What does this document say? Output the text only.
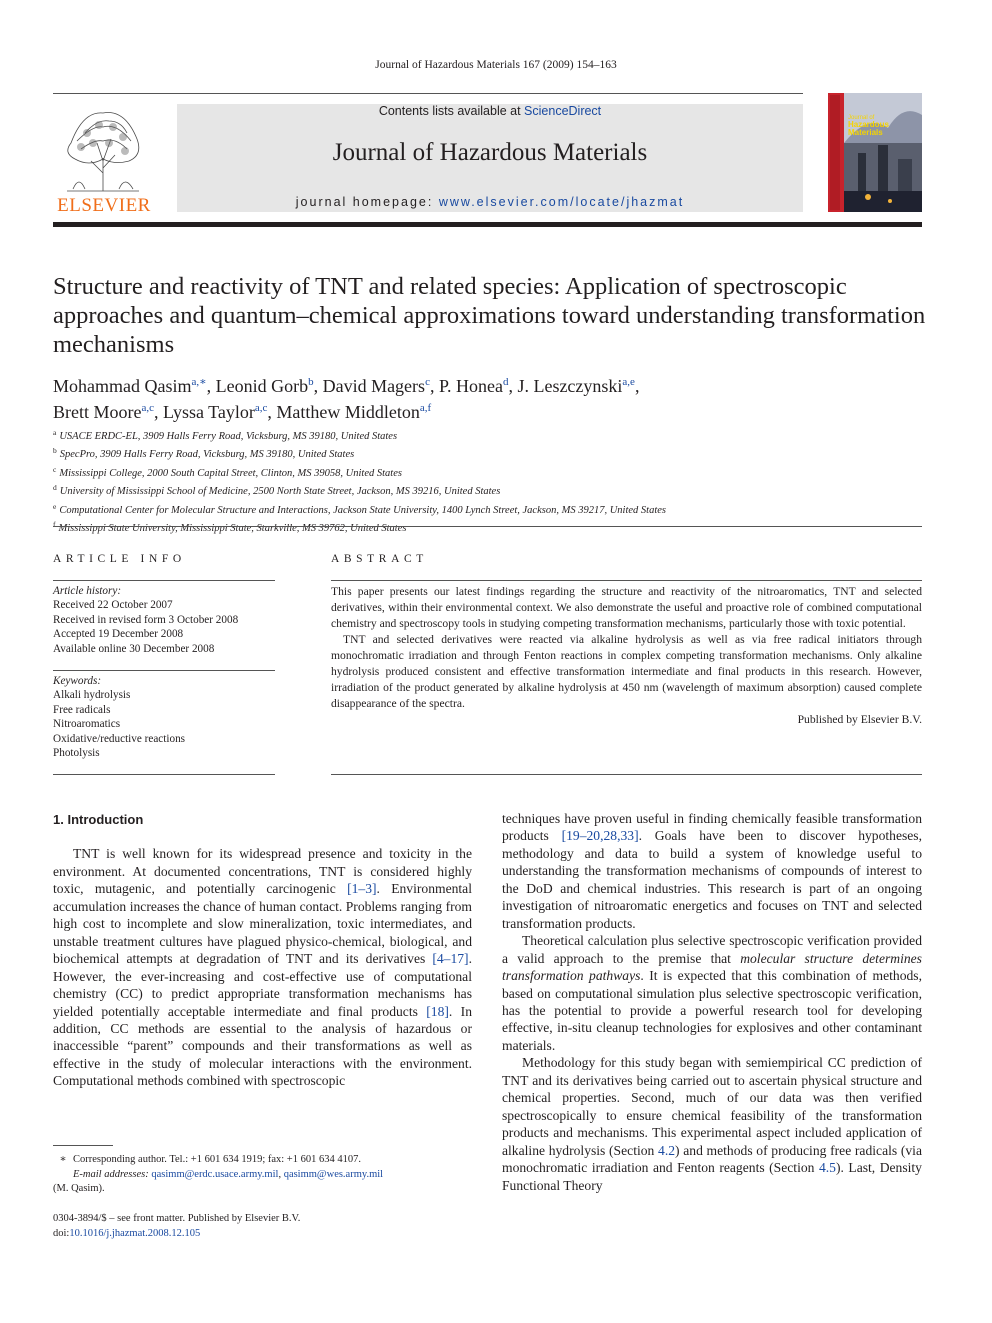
Journal of Hazardous Materials 167 (2009) 154–163
ELSEVIER
Contents lists available at ScienceDirect
Journal of Hazardous Materials
journal homepage: www.elsevier.com/locate/jhazmat
Journal of
Hazardous
Materials
Structure and reactivity of TNT and related species: Application of spectroscopic approaches and quantum–chemical approximations toward understanding transformation mechanisms
Mohammad Qasim$^{a,∗}$, Leonid Gorb$^b$, David Magers$^c$, P. Honea$^d$, J. Leszczynski$^{a,e}$,
Brett Moore$^{a,c}$, Lyssa Taylor$^{a,c}$, Matthew Middleton$^{a,f}$
$^a$ USACE ERDC-EL, 3909 Halls Ferry Road, Vicksburg, MS 39180, United States
$^b$ SpecPro, 3909 Halls Ferry Road, Vicksburg, MS 39180, United States
$^c$ Mississippi College, 2000 South Capital Street, Clinton, MS 39058, United States
$^d$ University of Mississippi School of Medicine, 2500 North State Street, Jackson, MS 39216, United States
$^e$ Computational Center for Molecular Structure and Interactions, Jackson State University, 1400 Lynch Street, Jackson, MS 39217, United States
$^f$ Mississippi State University, Mississippi State, Starkville, MS 39762, United States
ARTICLE INFO
Article history:
Received 22 October 2007
Received in revised form 3 October 2008
Accepted 19 December 2008
Available online 30 December 2008
Keywords:
Alkali hydrolysis
Free radicals
Nitroaromatics
Oxidative/reductive reactions
Photolysis
ABSTRACT

This paper presents our latest findings regarding the structure and reactivity of the nitroaromatics, TNT and selected derivatives, within their environmental context. We also demonstrate the useful and proactive role of combined computational chemistry and spectroscopy tools in studying competing transformation mechanisms, particularly those with toxic potential.

TNT and selected derivatives were reacted via alkaline hydrolysis as well as via free radical initiators through monochromatic irradiation and through Fenton reactions in complex competing transformation mechanisms. Only alkaline hydrolysis produced consistent and effective transformation intermediate and final products in this research. However, irradiation of the product generated by alkaline hydrolysis at 450 nm (wavelength of maximum absorption) caused complete disappearance of the spectra.

Published by Elsevier B.V.
1. Introduction

TNT is well known for its widespread presence and toxicity in the environment. At documented concentrations, TNT is considered highly toxic, mutagenic, and potentially carcinogenic [1–3]. Environmental accumulation increases the chance of human contact. Problems ranging from high cost to incomplete and slow mineralization, toxic intermediates, and unstable treatment cultures have plagued physico-chemical, biological, and biochemical attempts at degradation of TNT and its derivatives [4–17]. However, the ever-increasing and cost-effective use of computational chemistry (CC) to predict appropriate transformation mechanisms has yielded potentially acceptable intermediate and final products [18]. In addition, CC methods are essential to the analysis of hazardous or inaccessible “parent” compounds and their transformations as well as effective in the study of molecular interactions with the environment. Computational methods combined with spectroscopic

techniques have proven useful in finding chemically feasible transformation products [19–20,28,33]. Goals have been to discover hypotheses, methodology and data to build a system of knowledge useful to understanding the transformation mechanisms of compounds of interest to the DoD and chemical industries. This research is part of an ongoing investigation of nitroaromatic energetics and focuses on TNT and selected transformation products.

Theoretical calculation plus selective spectroscopic verification provided a valid approach to the premise that molecular structure determines transformation pathways. It is expected that this combination of methods, based on computational simulation plus selective spectroscopic verification, has the potential to provide a powerful research tool for developing effective, in-situ cleanup technologies for explosives and other contaminant materials.

Methodology for this study began with semiempirical CC prediction of TNT and its derivatives being carried out to ascertain physical structure and chemical properties. Second, much of our data was then verified spectroscopically to ensure chemical feasibility of the transformation products and mechanisms. This experimental aspect included application of alkaline hydrolysis (Section 4.2) and methods of producing free radicals (via monochromatic irradiation and Fenton reagents (Section 4.5). Last, Density Functional Theory

∗ Corresponding author. Tel.: +1 601 634 1919; fax: +1 601 634 4107.
E-mail addresses: qasimm@erdc.usace.army.mil, qasimm@wes.army.mil
(M. Qasim).
0304-3894/$ – see front matter. Published by Elsevier B.V.
doi:10.1016/j.jhazmat.2008.12.105
